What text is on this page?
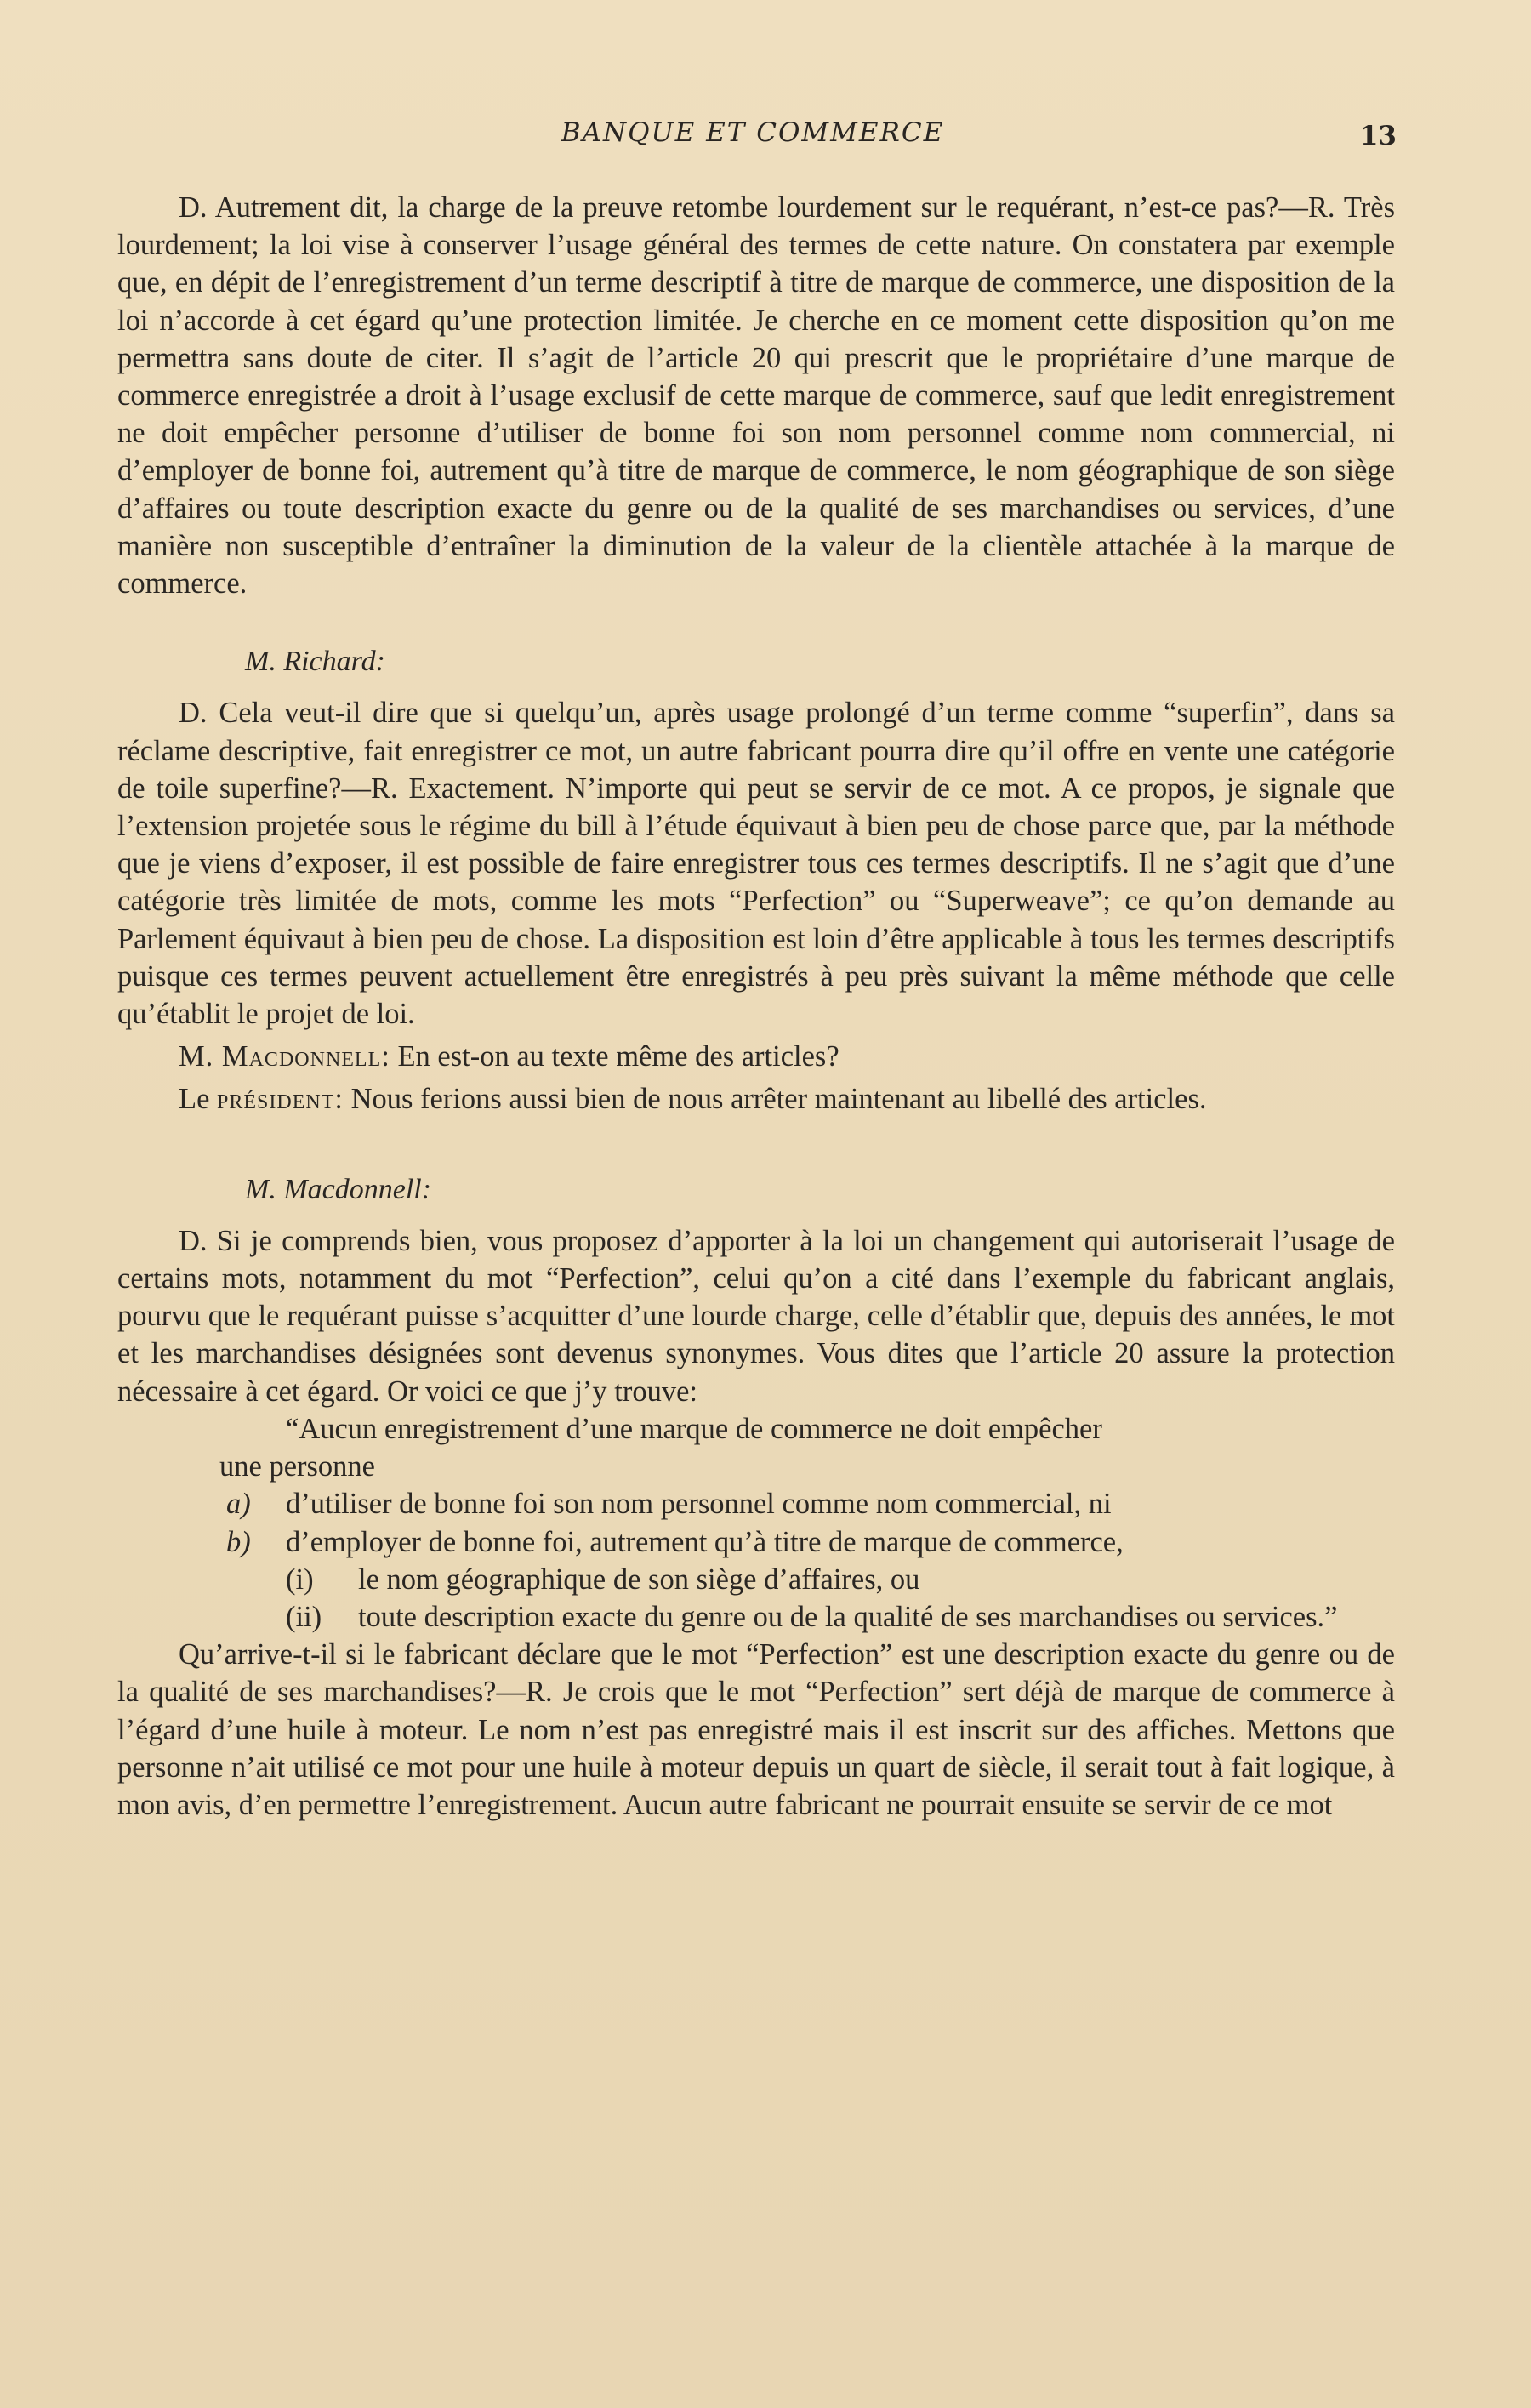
BANQUE ET COMMERCE	13

D. Autrement dit, la charge de la preuve retombe lourdement sur le requérant, n’est-ce pas?—R. Très lourdement; la loi vise à conserver l’usage général des termes de cette nature. On constatera par exemple que, en dépit de l’enregistrement d’un terme descriptif à titre de marque de commerce, une disposition de la loi n’accorde à cet égard qu’une protection limitée. Je cherche en ce moment cette disposition qu’on me permettra sans doute de citer. Il s’agit de l’article 20 qui prescrit que le propriétaire d’une marque de commerce enregistrée a droit à l’usage exclusif de cette marque de commerce, sauf que ledit enregistrement ne doit empêcher personne d’utiliser de bonne foi son nom personnel comme nom commercial, ni d’employer de bonne foi, autrement qu’à titre de marque de commerce, le nom géographique de son siège d’affaires ou toute description exacte du genre ou de la qualité de ses marchandises ou services, d’une manière non susceptible d’entraîner la diminution de la valeur de la clientèle attachée à la marque de commerce.

M. Richard:

D. Cela veut-il dire que si quelqu’un, après usage prolongé d’un terme comme “superfin”, dans sa réclame descriptive, fait enregistrer ce mot, un autre fabricant pourra dire qu’il offre en vente une catégorie de toile superfine?—R. Exactement. N’importe qui peut se servir de ce mot. A ce propos, je signale que l’extension projetée sous le régime du bill à l’étude équivaut à bien peu de chose parce que, par la méthode que je viens d’exposer, il est possible de faire enregistrer tous ces termes descriptifs. Il ne s’agit que d’une catégorie très limitée de mots, comme les mots “Perfection” ou “Superweave”; ce qu’on demande au Parlement équivaut à bien peu de chose. La disposition est loin d’être applicable à tous les termes descriptifs puisque ces termes peuvent actuellement être enregistrés à peu près suivant la même méthode que celle qu’établit le projet de loi.

M. Macdonnell: En est-on au texte même des articles?

Le président: Nous ferions aussi bien de nous arrêter maintenant au libellé des articles.

M. Macdonnell:

D. Si je comprends bien, vous proposez d’apporter à la loi un changement qui autoriserait l’usage de certains mots, notamment du mot “Perfection”, celui qu’on a cité dans l’exemple du fabricant anglais, pourvu que le requérant puisse s’acquitter d’une lourde charge, celle d’établir que, depuis des années, le mot et les marchandises désignées sont devenus synonymes. Vous dites que l’article 20 assure la protection nécessaire à cet égard. Or voici ce que j’y trouve:

“Aucun enregistrement d’une marque de commerce ne doit empêcher
une personne
a)	d’utiliser de bonne foi son nom personnel comme nom commercial, ni
b)	d’employer de bonne foi, autrement qu’à titre de marque de commerce,
(i)	le nom géographique de son siège d’affaires, ou
(ii)	toute description exacte du genre ou de la qualité de ses marchandises ou services.”

Qu’arrive-t-il si le fabricant déclare que le mot “Perfection” est une description exacte du genre ou de la qualité de ses marchandises?—R. Je crois que le mot “Perfection” sert déjà de marque de commerce à l’égard d’une huile à moteur. Le nom n’est pas enregistré mais il est inscrit sur des affiches. Mettons que personne n’ait utilisé ce mot pour une huile à moteur depuis un quart de siècle, il serait tout à fait logique, à mon avis, d’en permettre l’enregistrement. Aucun autre fabricant ne pourrait ensuite se servir de ce mot
